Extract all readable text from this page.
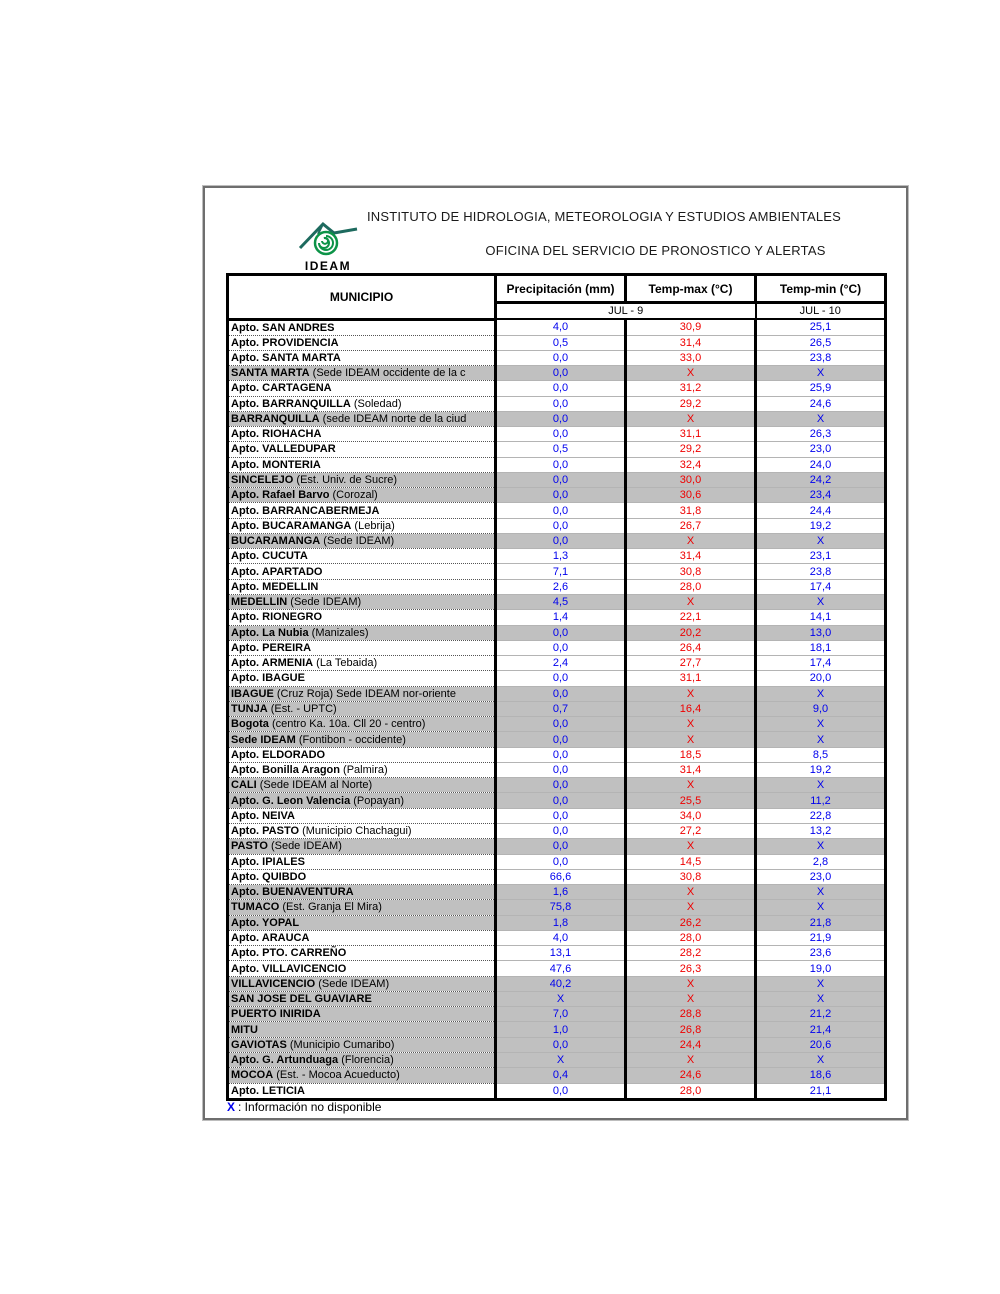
INSTITUTO DE HIDROLOGIA, METEOROLOGIA Y ESTUDIOS AMBIENTALES
IDEAM
OFICINA DEL SERVICIO DE PRONOSTICO Y ALERTAS
MUNICIPIO	Precipitación (mm)	Temp-max (°C)	Temp-min (°C)
	JUL - 9		JUL - 10
Apto. SAN ANDRES	4,0	30,9	25,1
Apto. PROVIDENCIA	0,5	31,4	26,5
Apto. SANTA MARTA	0,0	33,0	23,8
SANTA MARTA (Sede IDEAM occidente de la c	0,0	X	X
Apto. CARTAGENA	0,0	31,2	25,9
Apto. BARRANQUILLA (Soledad)	0,0	29,2	24,6
BARRANQUILLA (sede IDEAM norte de la ciud	0,0	X	X
Apto. RIOHACHA	0,0	31,1	26,3
Apto. VALLEDUPAR	0,5	29,2	23,0
Apto. MONTERIA	0,0	32,4	24,0
SINCELEJO (Est. Univ. de Sucre)	0,0	30,0	24,2
Apto. Rafael Barvo (Corozal)	0,0	30,6	23,4
Apto. BARRANCABERMEJA	0,0	31,8	24,4
Apto. BUCARAMANGA (Lebrija)	0,0	26,7	19,2
BUCARAMANGA (Sede IDEAM)	0,0	X	X
Apto. CUCUTA	1,3	31,4	23,1
Apto. APARTADO	7,1	30,8	23,8
Apto. MEDELLIN	2,6	28,0	17,4
MEDELLIN (Sede IDEAM)	4,5	X	X
Apto. RIONEGRO	1,4	22,1	14,1
Apto. La Nubia (Manizales)	0,0	20,2	13,0
Apto. PEREIRA	0,0	26,4	18,1
Apto. ARMENIA (La Tebaida)	2,4	27,7	17,4
Apto. IBAGUE	0,0	31,1	20,0
IBAGUE (Cruz Roja) Sede IDEAM nor-oriente	0,0	X	X
TUNJA (Est. - UPTC)	0,7	16,4	9,0
Bogota (centro Ka. 10a. Cll 20 - centro)	0,0	X	X
Sede IDEAM (Fontibon - occidente)	0,0	X	X
Apto. ELDORADO	0,0	18,5	8,5
Apto. Bonilla Aragon (Palmira)	0,0	31,4	19,2
CALI (Sede IDEAM al Norte)	0,0	X	X
Apto. G. Leon Valencia (Popayan)	0,0	25,5	11,2
Apto. NEIVA	0,0	34,0	22,8
Apto. PASTO (Municipio Chachagui)	0,0	27,2	13,2
PASTO (Sede IDEAM)	0,0	X	X
Apto. IPIALES	0,0	14,5	2,8
Apto. QUIBDO	66,6	30,8	23,0
Apto. BUENAVENTURA	1,6	X	X
TUMACO (Est. Granja El Mira)	75,8	X	X
Apto. YOPAL	1,8	26,2	21,8
Apto. ARAUCA	4,0	28,0	21,9
Apto. PTO. CARREÑO	13,1	28,2	23,6
Apto. VILLAVICENCIO	47,6	26,3	19,0
VILLAVICENCIO (Sede IDEAM)	40,2	X	X
SAN JOSE DEL GUAVIARE	X	X	X
PUERTO INIRIDA	7,0	28,8	21,2
MITU	1,0	26,8	21,4
GAVIOTAS (Municipio Cumaribo)	0,0	24,4	20,6
Apto. G. Artunduaga (Florencia)	X	X	X
MOCOA (Est. - Mocoa Acueducto)	0,4	24,6	18,6
Apto. LETICIA	0,0	28,0	21,1
X : Información no disponible
